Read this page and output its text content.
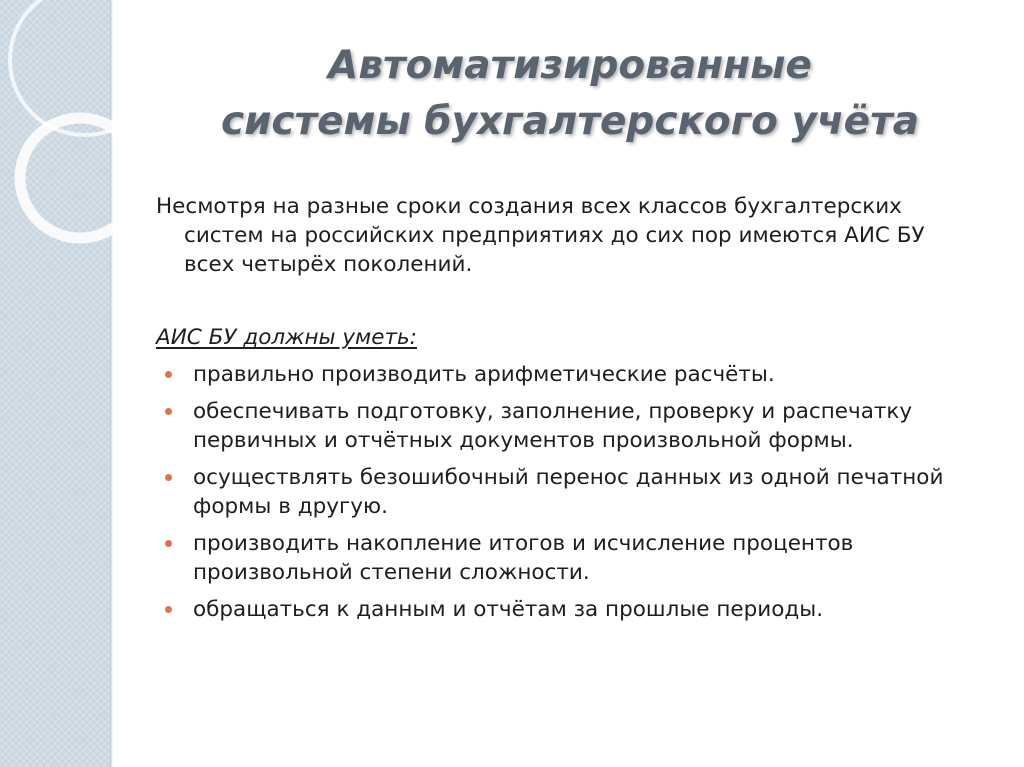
Автоматизированные
системы бухгалтерского учёта

Несмотря на разные сроки создания всех классов бухгалтерских систем на российских предприятиях до сих пор имеются АИС БУ всех четырёх поколений.

АИС БУ должны уметь:
правильно производить арифметические расчёты.
обеспечивать подготовку, заполнение, проверку и распечатку первичных и отчётных документов произвольной формы.
осуществлять безошибочный перенос данных из одной печатной формы в другую.
производить накопление итогов и исчисление процентов произвольной степени сложности.
обращаться к данным и отчётам за прошлые периоды.
